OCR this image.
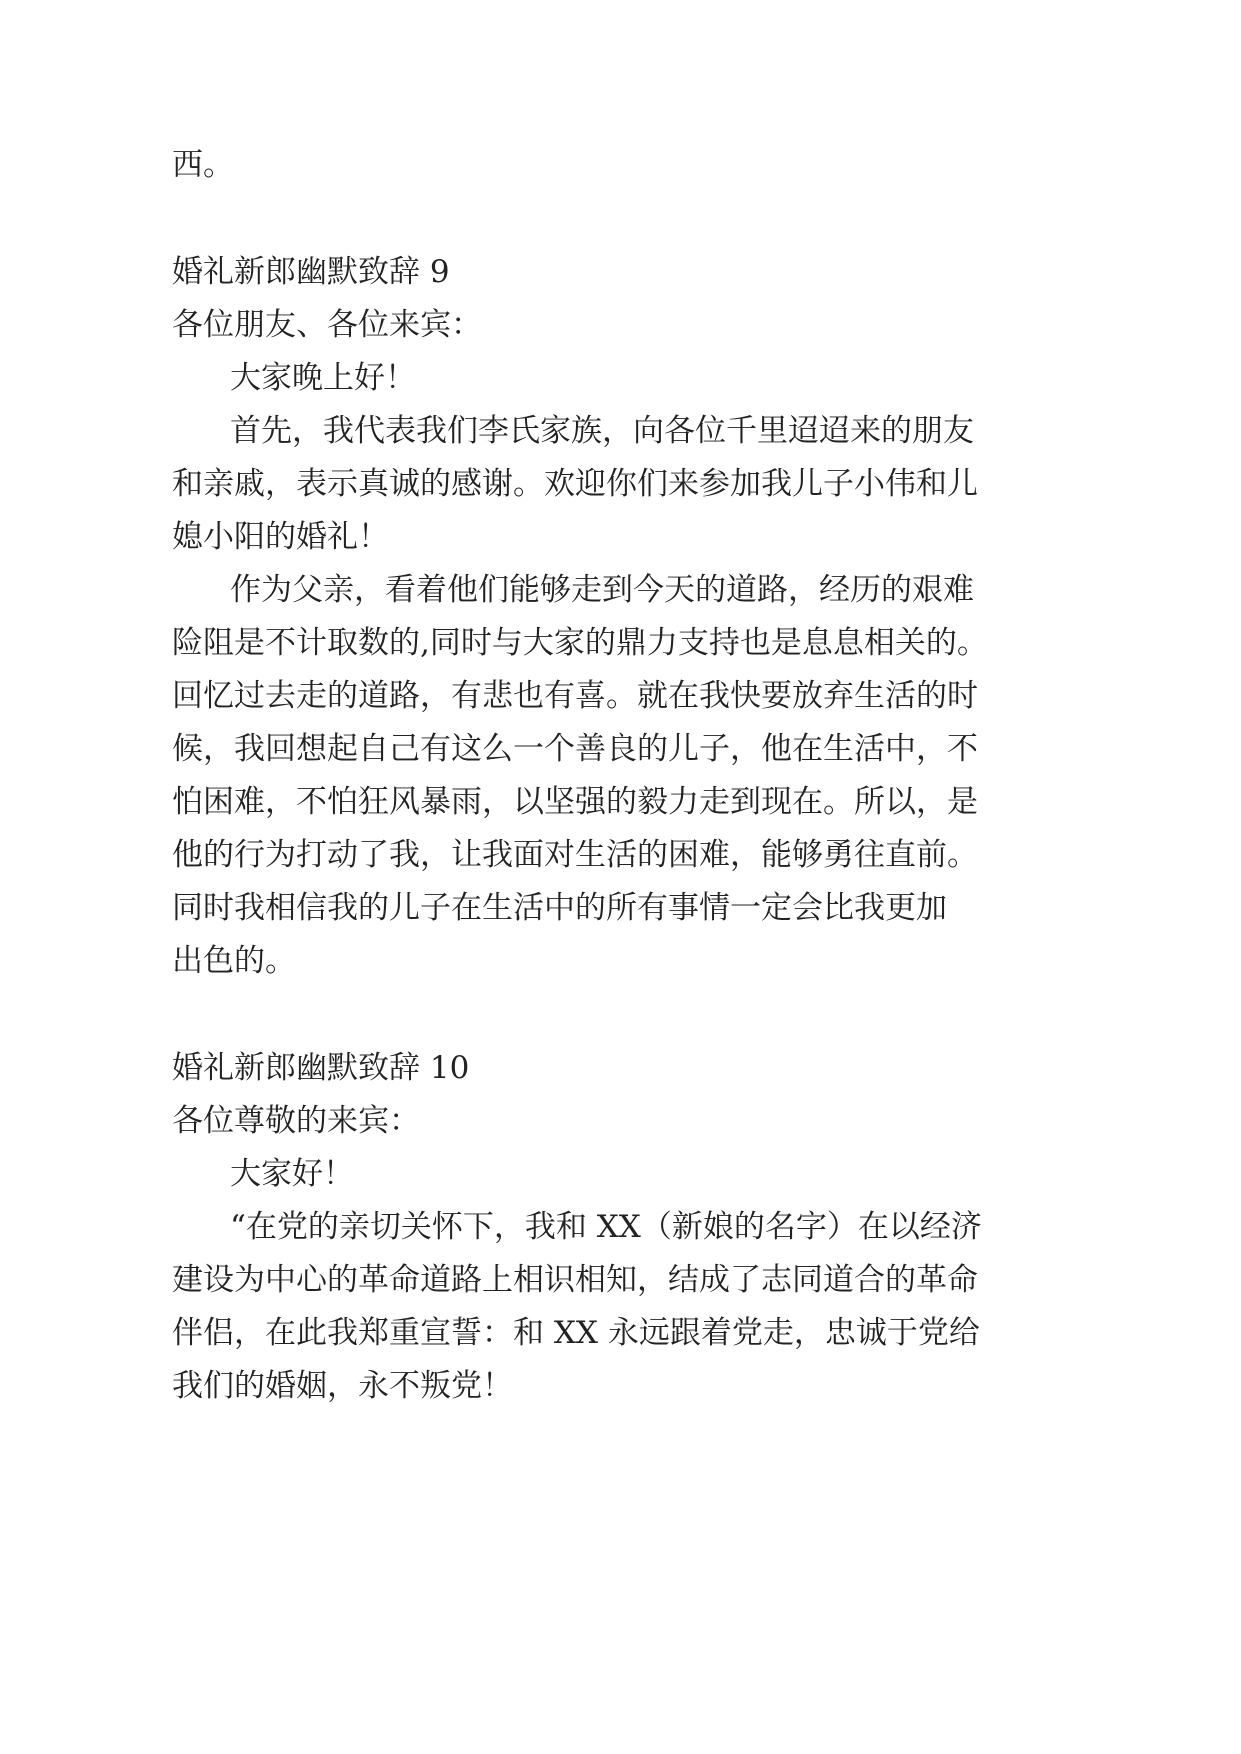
西。
婚礼新郎幽默致辞 9
各位朋友、各位来宾：
大家晚上好！
首先，我代表我们李氏家族，向各位千里迢迢来的朋友
和亲戚，表示真诚的感谢。欢迎你们来参加我儿子小伟和儿
媳小阳的婚礼！
作为父亲，看着他们能够走到今天的道路，经历的艰难
险阻是不计取数的,同时与大家的鼎力支持也是息息相关的。
回忆过去走的道路，有悲也有喜。就在我快要放弃生活的时
候，我回想起自己有这么一个善良的儿子，他在生活中，不
怕困难，不怕狂风暴雨，以坚强的毅力走到现在。所以，是
他的行为打动了我，让我面对生活的困难，能够勇往直前。
同时我相信我的儿子在生活中的所有事情一定会比我更加
出色的。
婚礼新郎幽默致辞 10
各位尊敬的来宾：
大家好！
“在党的亲切关怀下，我和 XX（新娘的名字）在以经济
建设为中心的革命道路上相识相知，结成了志同道合的革命
伴侣，在此我郑重宣誓：和 XX 永远跟着党走，忠诚于党给
我们的婚姻，永不叛党！
